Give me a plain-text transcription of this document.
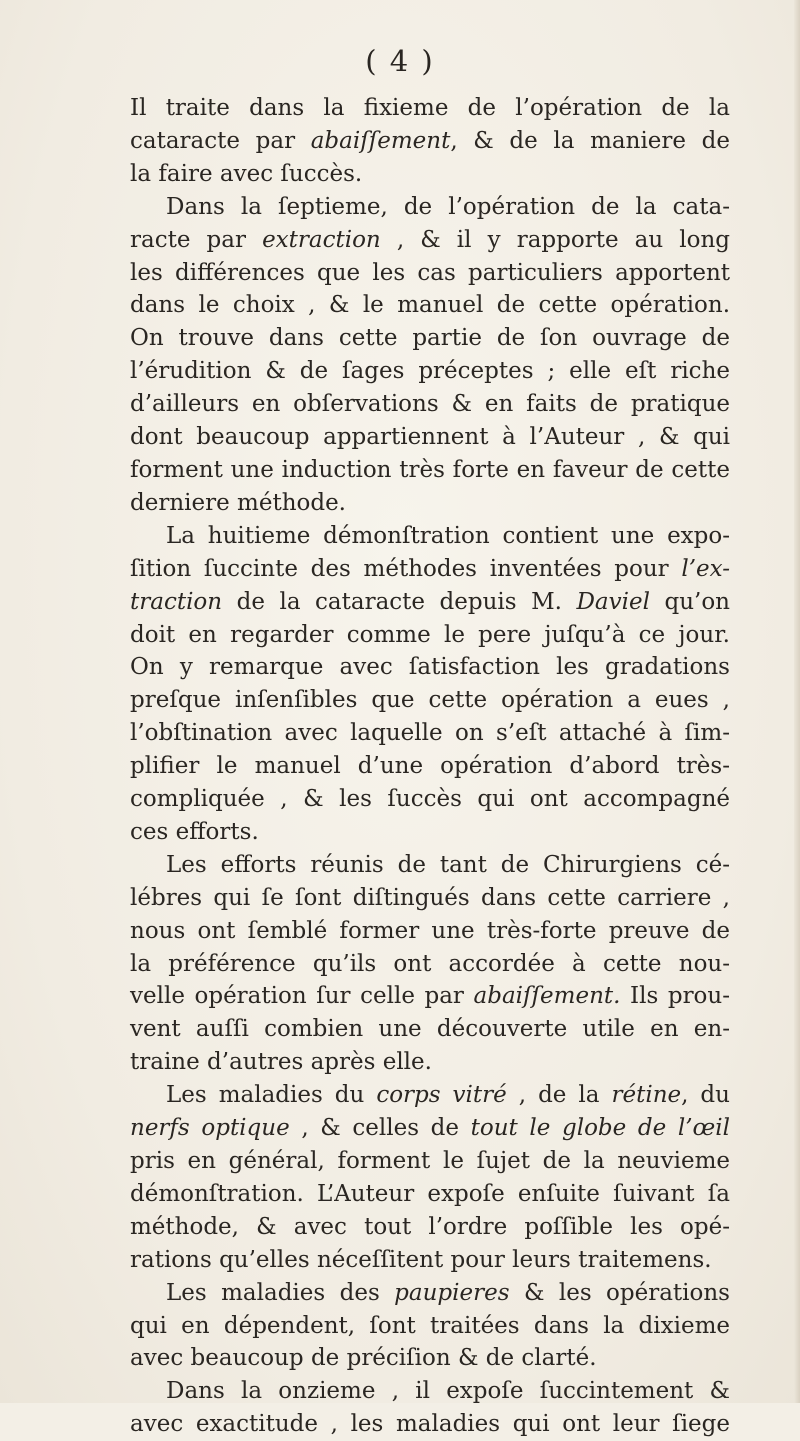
( 4 )

Il traite dans la fixieme de l’opération de la
cataracte par abaiſſement, & de la maniere de
la faire avec ſuccès.

Dans la ſeptieme, de l’opération de la cata-
racte par extraction , & il y rapporte au long
les différences que les cas particuliers apportent
dans le choix , & le manuel de cette opération.
On trouve dans cette partie de ſon ouvrage de
l’érudition & de ſages préceptes ; elle eſt riche
d’ailleurs en obſervations & en faits de pratique
dont beaucoup appartiennent à l’Auteur , & qui
forment une induction très forte en faveur de cette
derniere méthode.

La huitieme démonſtration contient une expo-
ſition ſuccinte des méthodes inventées pour l’ex-
traction de la cataracte depuis M. Daviel qu’on
doit en regarder comme le pere juſqu’à ce jour.
On y remarque avec ſatisfaction les gradations
preſque inſenſibles que cette opération a eues ,
l’obſtination avec laquelle on s’eſt attaché à ſim-
plifier le manuel d’une opération d’abord très-
compliquée , & les ſuccès qui ont accompagné
ces efforts.

Les efforts réunis de tant de Chirurgiens cé-
lébres qui ſe ſont diſtingués dans cette carriere ,
nous ont ſemblé former une très-forte preuve de
la préférence qu’ils ont accordée à cette nou-
velle opération ſur celle par abaiſſement. Ils prou-
vent auſſi combien une découverte utile en en-
traine d’autres après elle.

Les maladies du corps vitré , de la rétine, du
nerfs optique , & celles de tout le globe de l’œil
pris en général, forment le ſujet de la neuvieme
démonſtration. L’Auteur expoſe enſuite ſuivant ſa
méthode, & avec tout l’ordre poſſible les opé-
rations qu’elles néceſſitent pour leurs traitemens.

Les maladies des paupieres & les opérations
qui en dépendent, ſont traitées dans la dixieme
avec beaucoup de préciſion & de clarté.

Dans la onzieme , il expoſe ſuccintement &
avec exactitude , les maladies qui ont leur ſiege
